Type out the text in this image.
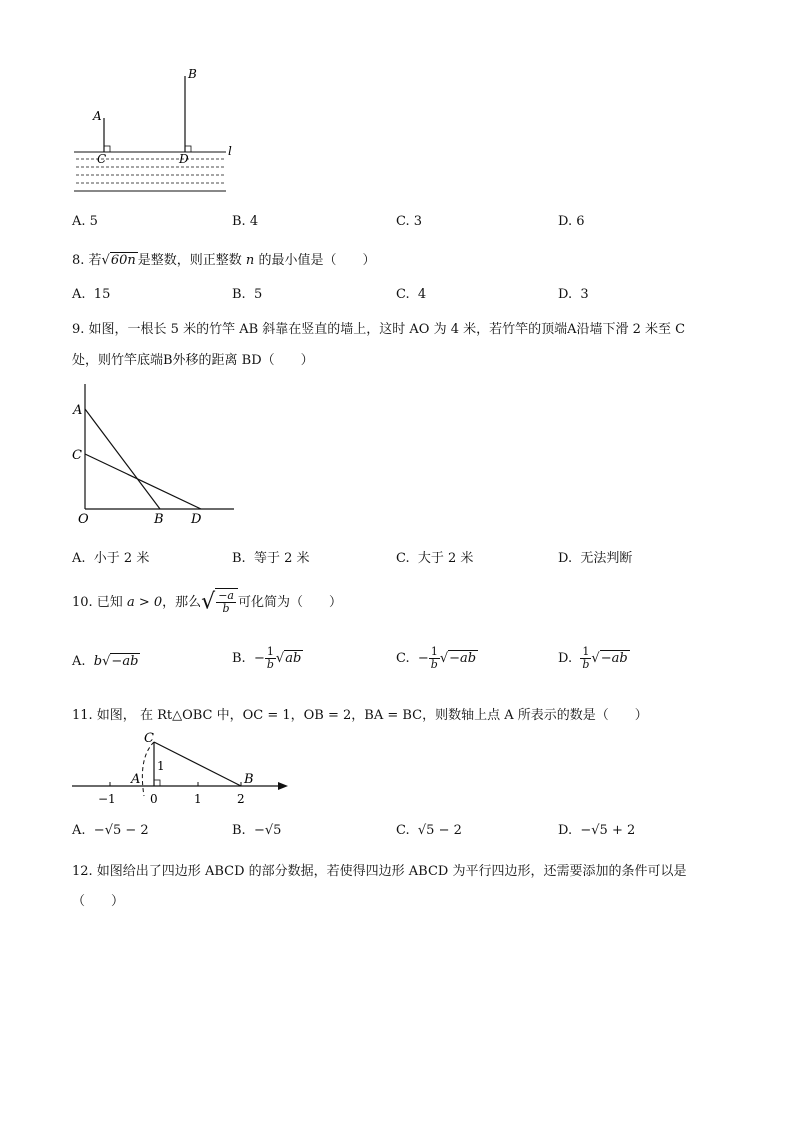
A
B
C	D
l
A. 5	B. 4	C. 3	D. 6
8. 若√60n 是整数，则正整数 n 的最小值是（　　）
A. 15	B. 5	C. 4	D. 3
9. 如图，一根长 5 米的竹竿 AB 斜靠在竖直的墙上，这时 AO 为 4 米，若竹竿的顶端A沿墙下滑 2 米至 C
处，则竹竿底端B外移的距离 BD（　　）
A
C
O	B D
A. 小于 2 米	B. 等于 2 米	C. 大于 2 米	D. 无法判断
10. 已知 a > 0，那么√ $\frac{-a}{b}$ 可化简为（　　）
A. b√−ab	B. − $\frac{1}{b} √ab$	C. − $\frac{1}{b} √-ab$	D. $\frac{1}{b} √-ab$
11. 如图， 在 Rt△OBC 中，OC = 1，OB = 2，BA = BC，则数轴上点 A 所表示的数是（　　）
C
A	B
1
−1	0	1	2
A. −√5 − 2	B. −√5	C. √5 − 2	D. −√5 + 2
12. 如图给出了四边形 ABCD 的部分数据，若使得四边形 ABCD 为平行四边形，还需要添加的条件可以是
（　　）
